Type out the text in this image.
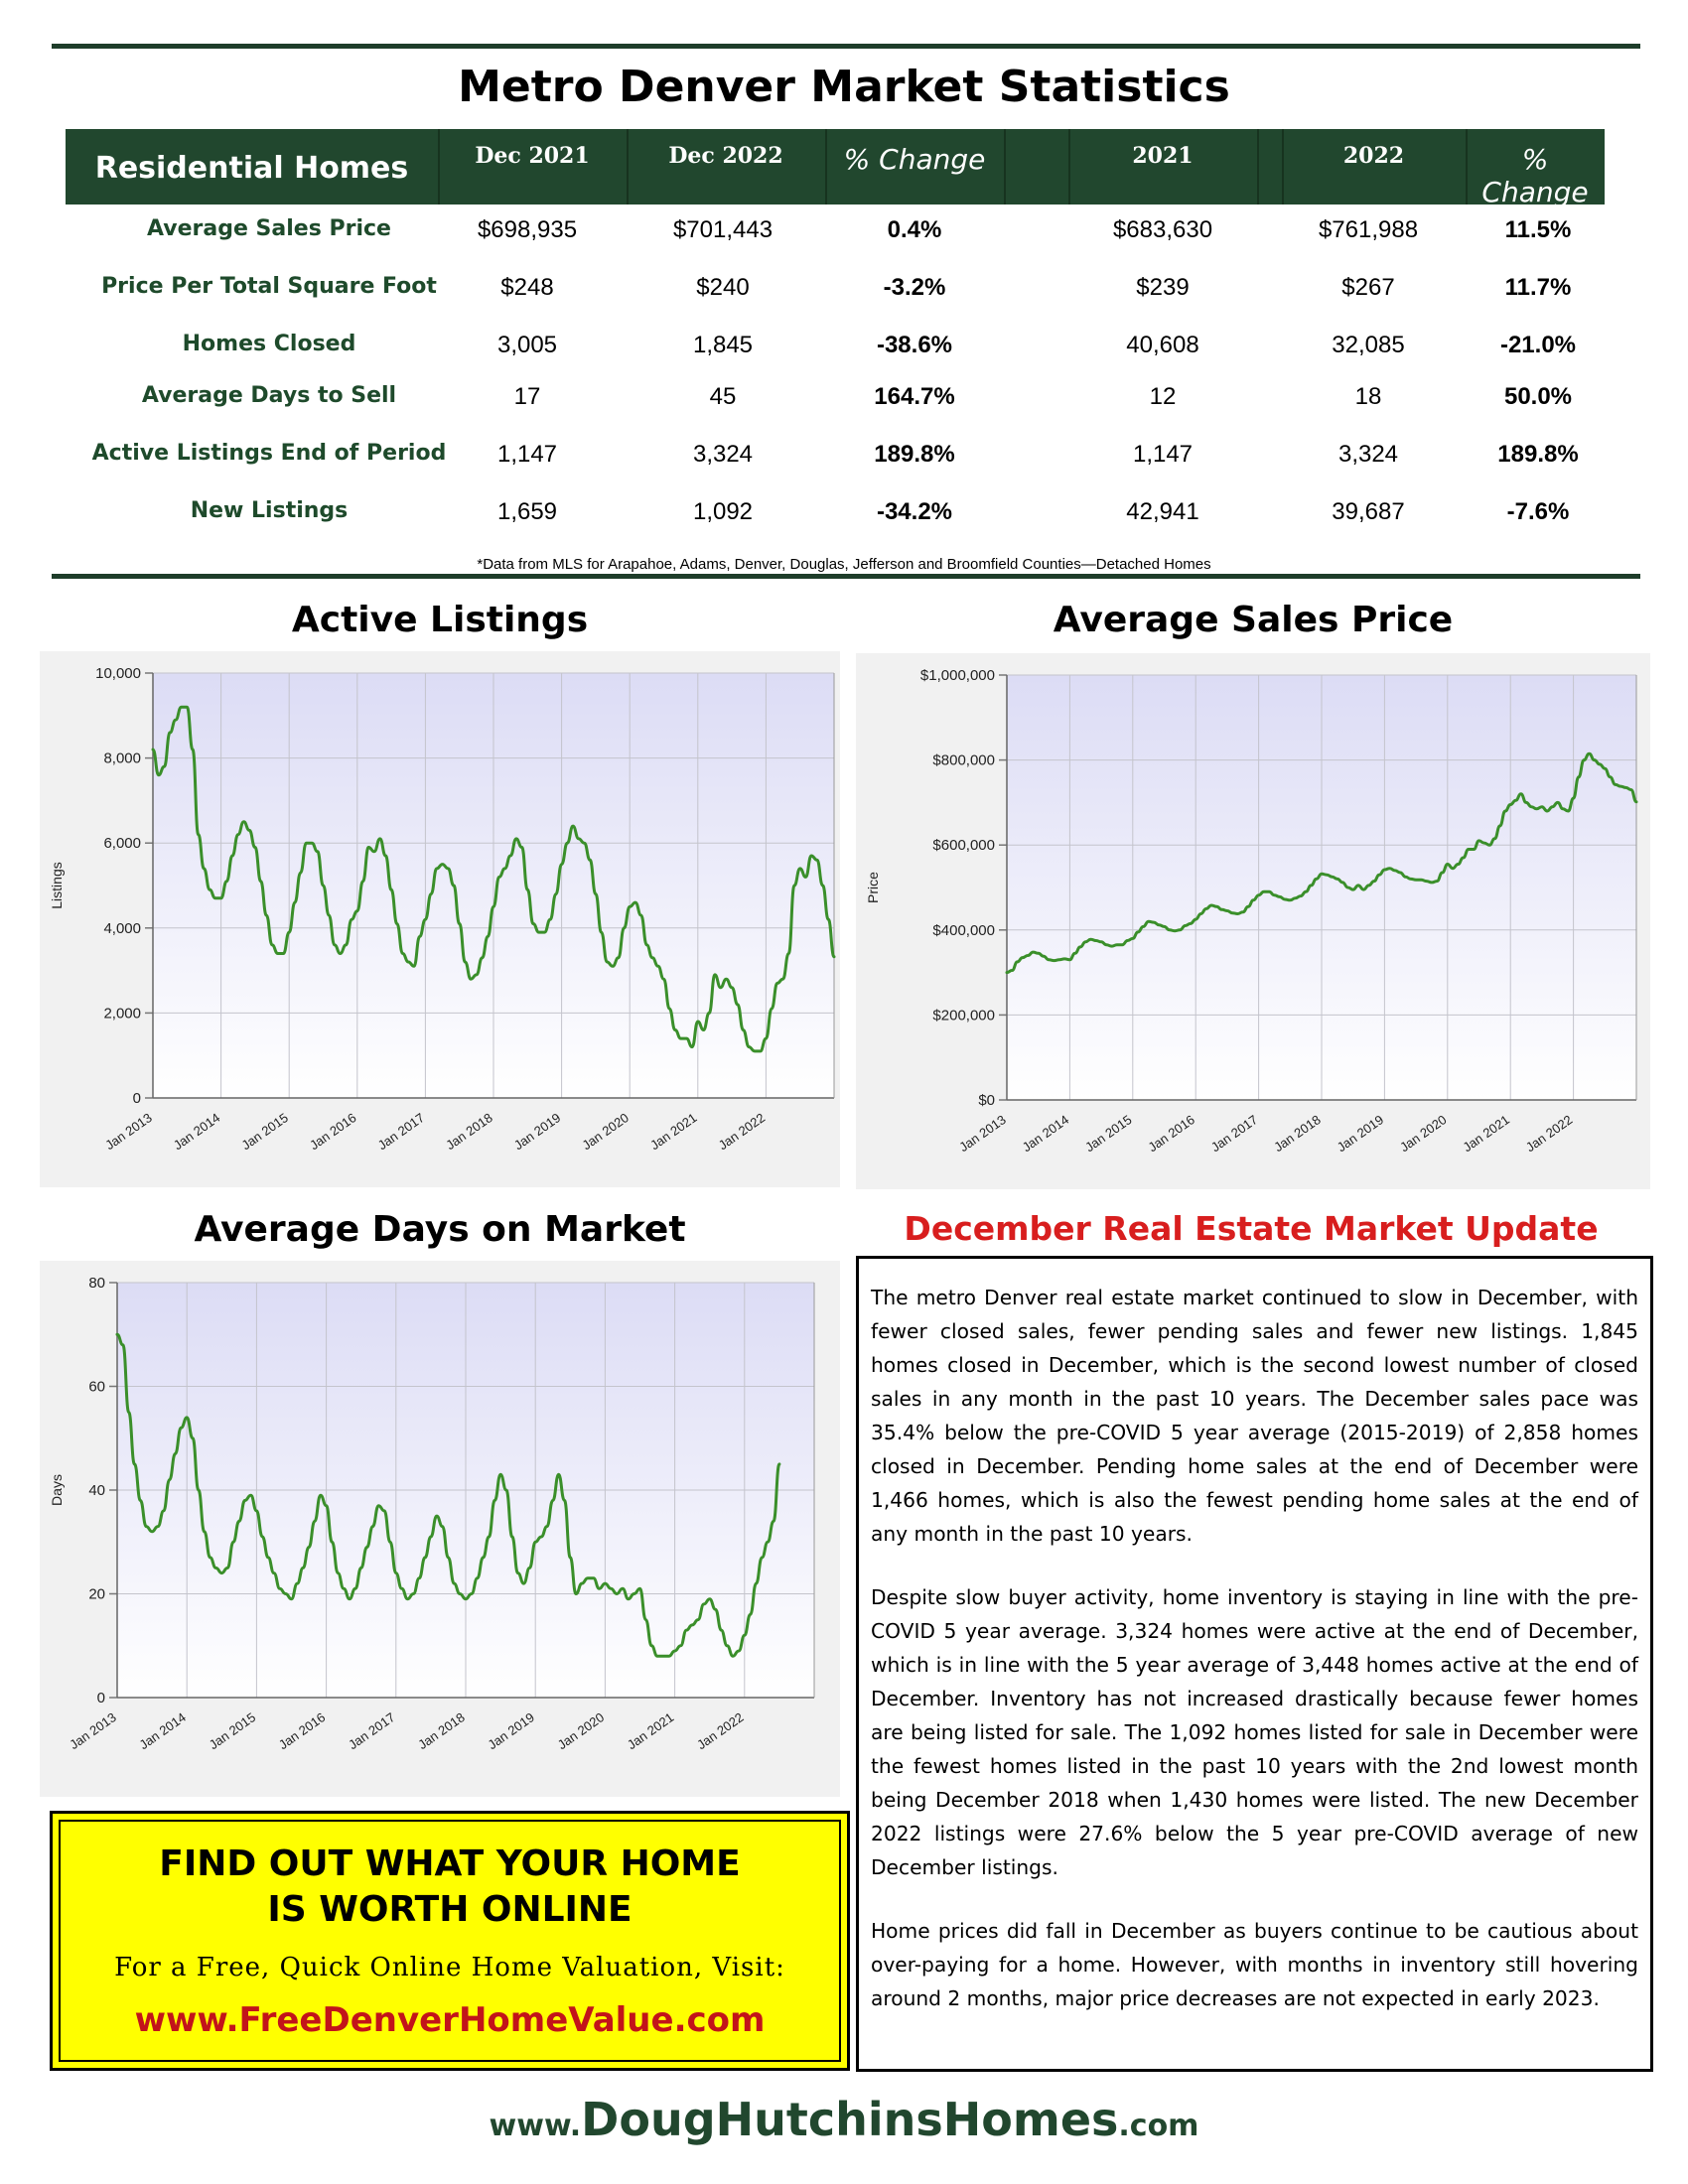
Metro Denver Market Statistics
Residential Homes	Dec 2021	Dec 2022	% Change	2021	2022	% Change
Average Sales Price	$698,935	$701,443	0.4%	$683,630	$761,988	11.5%
Price Per Total Square Foot	$248	$240	-3.2%	$239	$267	11.7%
Homes Closed	3,005	1,845	-38.6%	40,608	32,085	-21.0%
Average Days to Sell	17	45	164.7%	12	18	50.0%
Active Listings End of Period	1,147	3,324	189.8%	1,147	3,324	189.8%
New Listings	1,659	1,092	-34.2%	42,941	39,687	-7.6%
*Data from MLS for Arapahoe, Adams, Denver, Douglas, Jefferson and Broomfield Counties—Detached Homes
Active Listings
0
2,000
4,000
6,000
8,000
10,000
Jan 2013 Jan 2014 Jan 2015 Jan 2016 Jan 2017 Jan 2018 Jan 2019 Jan 2020 Jan 2021 Jan 2022
Listings
Average Sales Price
$0
$200,000
$400,000
$600,000
$800,000
$1,000,000
Jan 2013 Jan 2014 Jan 2015 Jan 2016 Jan 2017 Jan 2018 Jan 2019 Jan 2020 Jan 2021 Jan 2022
Price
Average Days on Market
0
20
40
60
80
Jan 2013 Jan 2014 Jan 2015 Jan 2016 Jan 2017 Jan 2018 Jan 2019 Jan 2020 Jan 2021 Jan 2022
Days
December Real Estate Market Update

The metro Denver real estate market continued to slow in December, with fewer closed sales, fewer pending sales and fewer new listings. 1,845 homes closed in December, which is the second lowest number of closed sales in any month in the past 10 years. The December sales pace was 35.4% below the pre-COVID 5 year average (2015-2019) of 2,858 homes closed in December. Pending home sales at the end of December were 1,466 homes, which is also the fewest pending home sales at the end of any month in the past 10 years.

Despite slow buyer activity, home inventory is staying in line with the pre-COVID 5 year average. 3,324 homes were active at the end of December, which is in line with the 5 year average of 3,448 homes active at the end of December. Inventory has not increased drastically because fewer homes are being listed for sale. The 1,092 homes listed for sale in December were the fewest homes listed in the past 10 years with the 2nd lowest month being December 2018 when 1,430 homes were listed. The new December 2022 listings were 27.6% below the 5 year pre-COVID average of new December listings.

Home prices did fall in December as buyers continue to be cautious about over-paying for a home. However, with months in inventory still hovering around 2 months, major price decreases are not expected in early 2023.

FIND OUT WHAT YOUR HOME
IS WORTH ONLINE
For a Free, Quick Online Home Valuation, Visit:
www.FreeDenverHomeValue.com
www.DougHutchinsHomes.com
